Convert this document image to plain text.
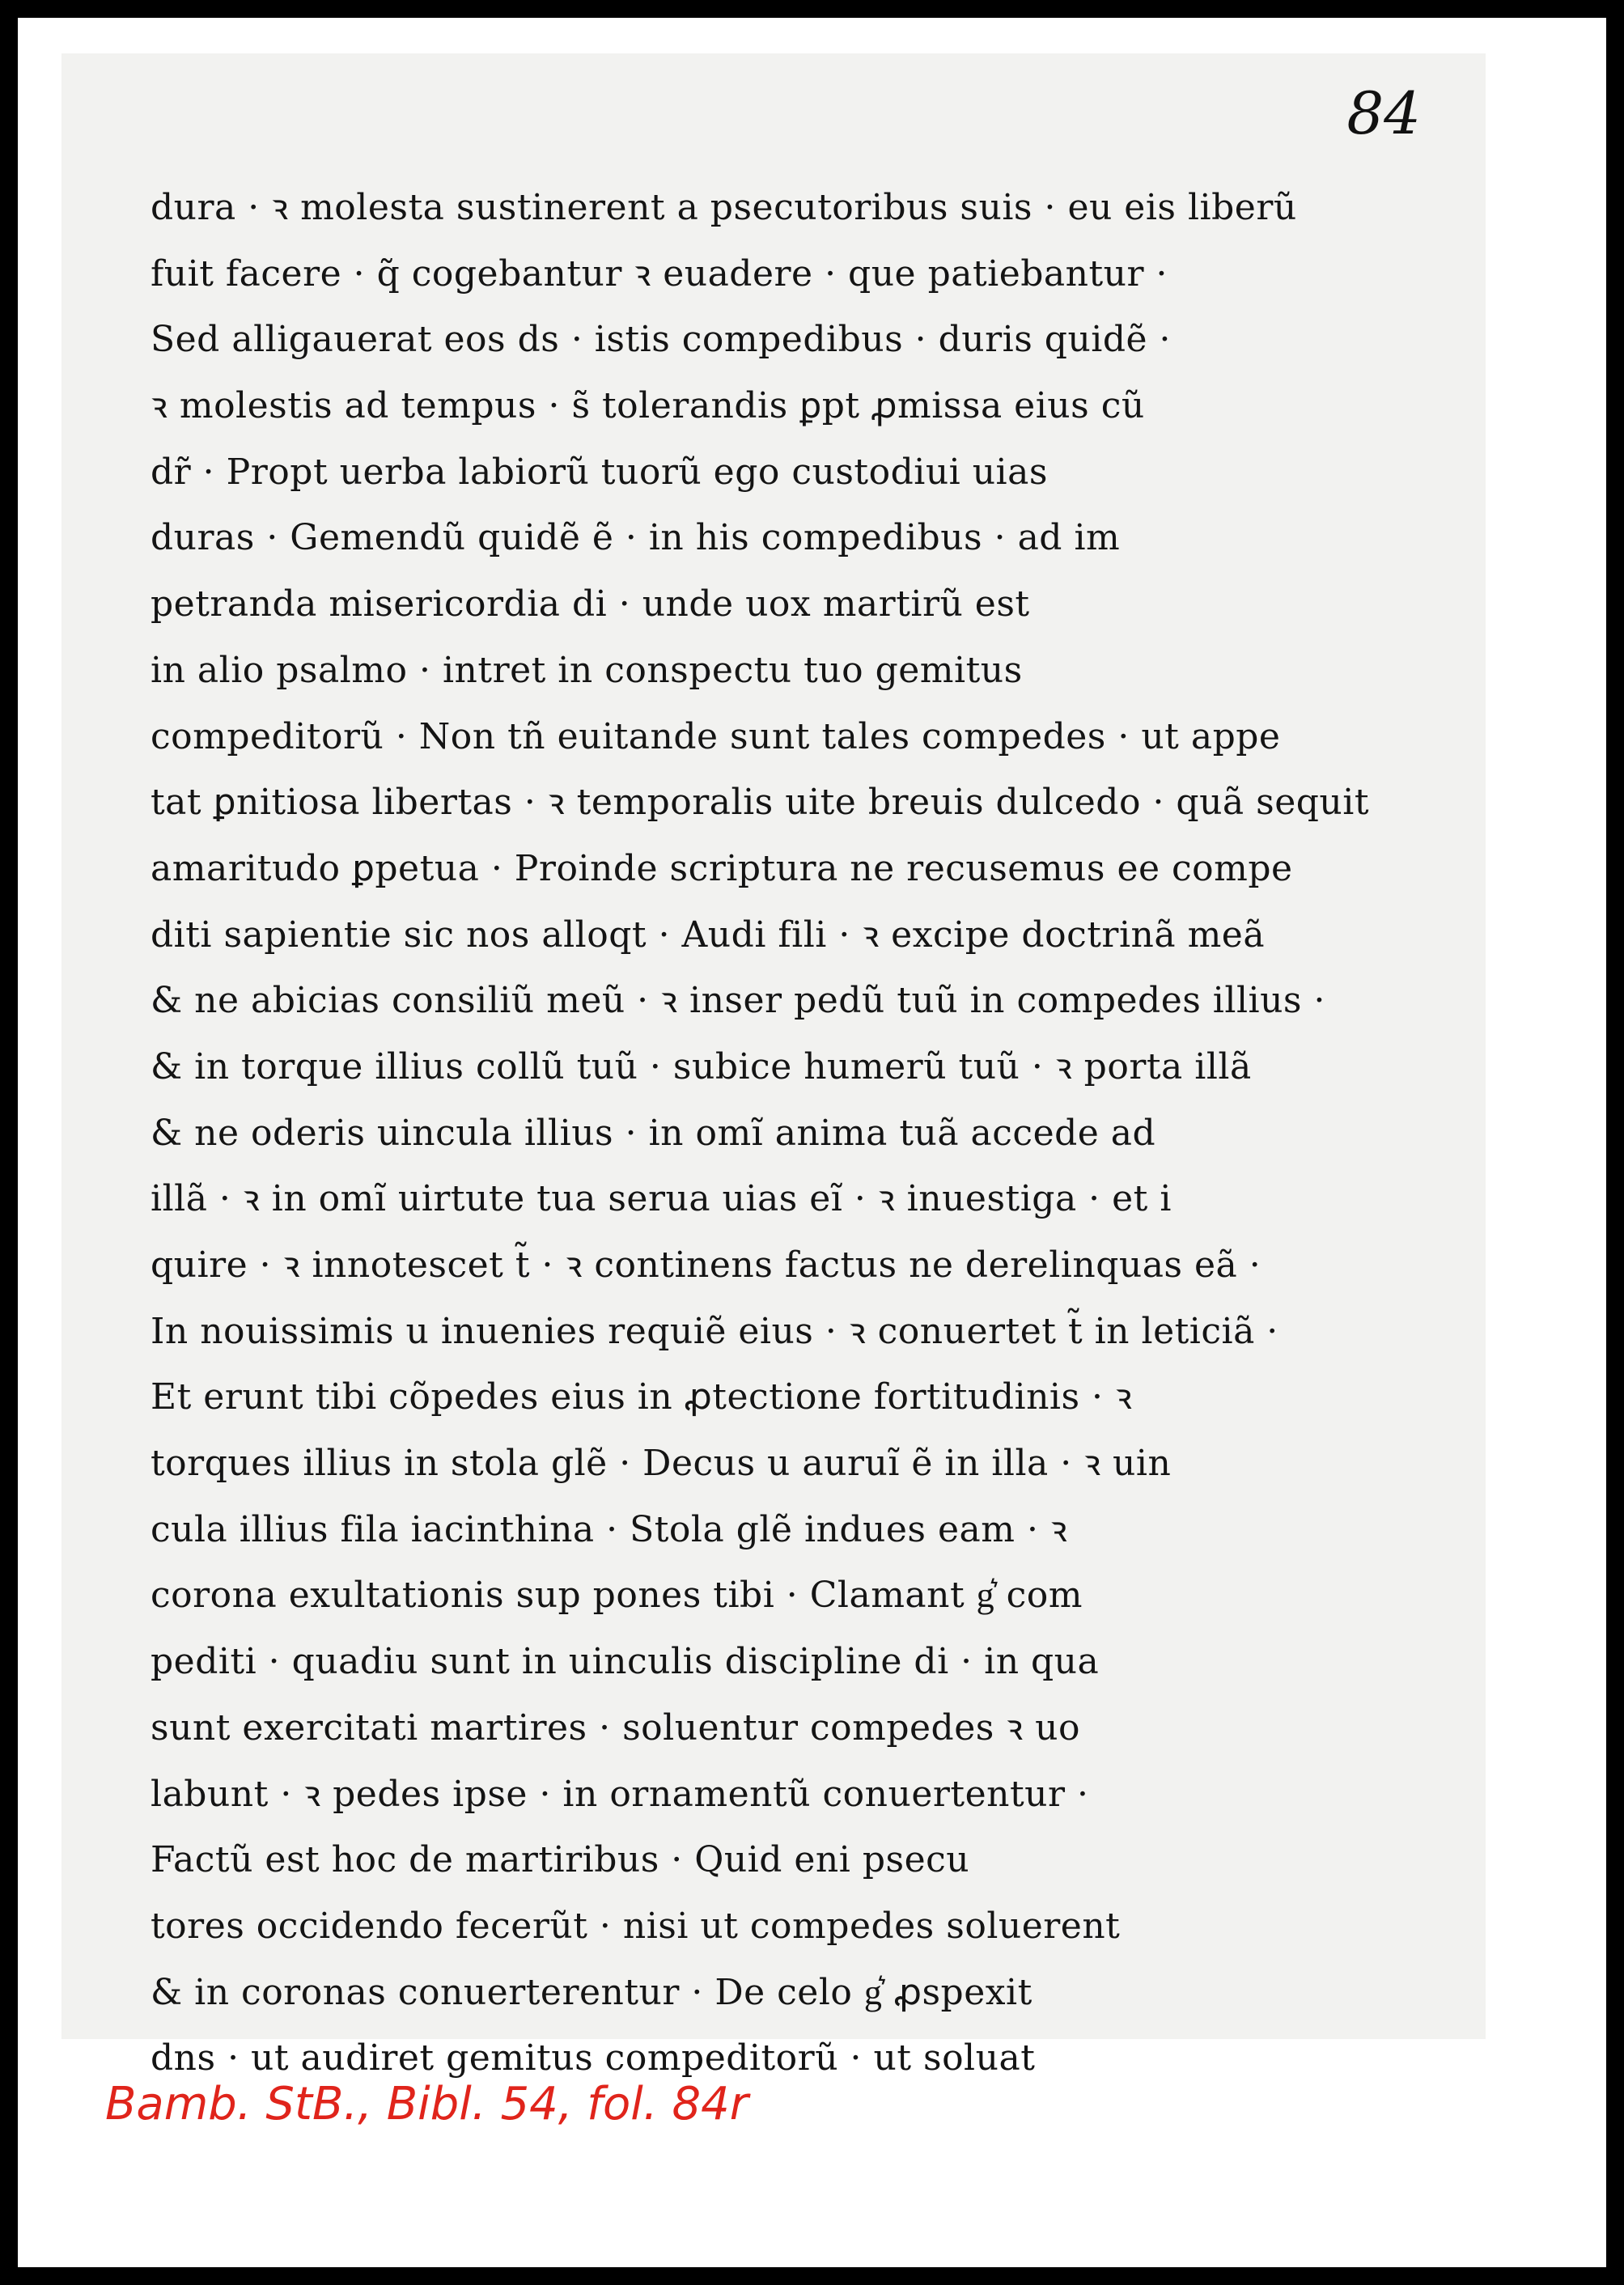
84
dura · ꝛ molesta sustinerent a psecutoribus suis · eu eis liberũ
fuit facere · q̃ cogebantur ꝛ euadere · que patiebantur ·
Sed alligauerat eos ds · istis compedibus · duris quidẽ ·
ꝛ molestis ad tempus · s̃ tolerandis ꝑpt ꝓmissa eius cũ
dr̃ · Propt uerba labiorũ tuorũ ego custodiui uias
duras · Gemendũ quidẽ ẽ · in his compedibus · ad im
petranda misericordia di · unde uox martirũ est
in alio psalmo · intret in conspectu tuo gemitus
compeditorũ · Non tñ euitande sunt tales compedes · ut appe
tat ꝑnitiosa libertas · ꝛ temporalis uite breuis dulcedo · quã sequit
amaritudo ꝑpetua · Proinde scriptura ne recusemus ee compe
diti sapientie sic nos alloqt · Audi fili · ꝛ excipe doctrinã meã
& ne abicias consiliũ meũ · ꝛ inser pedũ tuũ in compedes illius ·
& in torque illius collũ tuũ · subice humerũ tuũ · ꝛ porta illã
& ne oderis uincula illius · in omĩ anima tuã accede ad
illã · ꝛ in omĩ uirtute tua serua uias eĩ · ꝛ inuestiga · et i
quire · ꝛ innotescet t̃ · ꝛ continens factus ne derelinquas eã ·
In nouissimis u inuenies requiẽ eius · ꝛ conuertet t̃ in leticiã ·
Et erunt tibi cõpedes eius in ꝓtectione fortitudinis · ꝛ
torques illius in stola glẽ · Decus u auruĩ ẽ in illa · ꝛ uin
cula illius fila iacinthina · Stola glẽ indues eam · ꝛ
corona exultationis sup pones tibi · Clamant g͛ com
pediti · quadiu sunt in uinculis discipline di · in qua
sunt exercitati martires · soluentur compedes ꝛ uo
labunt · ꝛ pedes ipse · in ornamentũ conuertentur ·
Factũ est hoc de martiribus · Quid eni psecu
tores occidendo fecerũt · nisi ut compedes soluerent
& in coronas conuerterentur · De celo g͛ ꝓspexit
dns · ut audiret gemitus compeditorũ · ut soluat
Bamb. StB., Bibl. 54, fol. 84r
